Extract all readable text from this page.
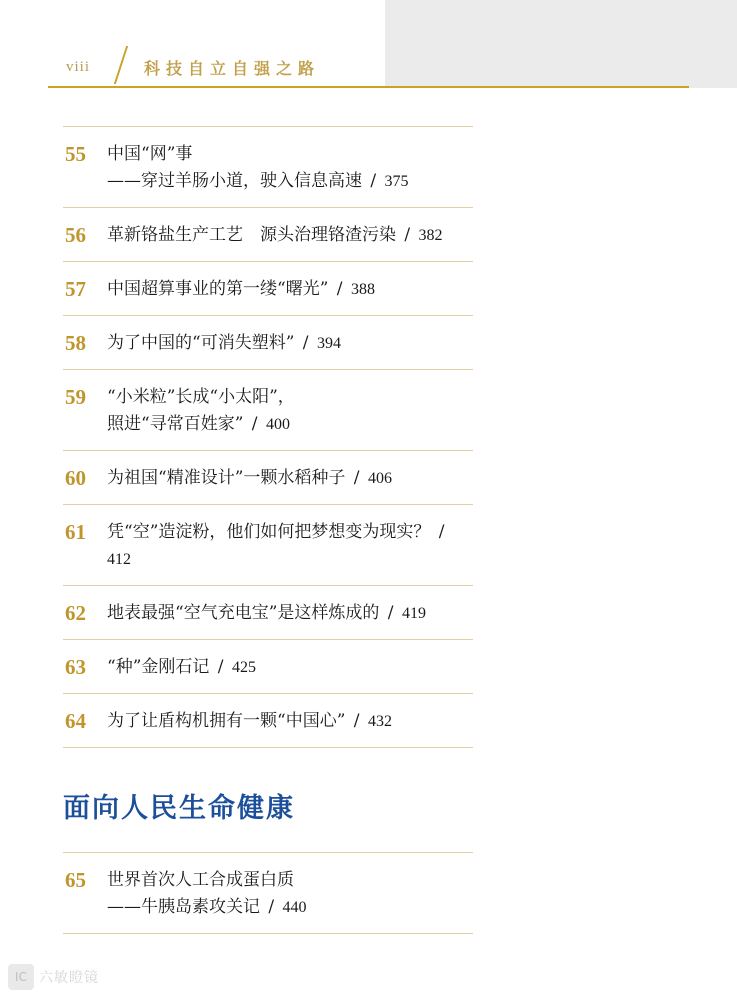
viii	科技自立自强之路
55	中国“网”事
——穿过羊肠小道，驶入信息高速 / 375
56	革新铬盐生产工艺　源头治理铬渣污染 / 382
57	中国超算事业的第一缕“曙光” / 388
58	为了中国的“可消失塑料” / 394
59	“小米粒”长成“小太阳”，
照进“寻常百姓家” / 400
60	为祖国“精准设计”一颗水稻种子 / 406
61	凭“空”造淀粉，他们如何把梦想变为现实？ / 412
62	地表最强“空气充电宝”是这样炼成的 / 419
63	“种”金刚石记 / 425
64	为了让盾构机拥有一颗“中国心” / 432
面向人民生命健康
65	世界首次人工合成蛋白质
——牛胰岛素攻关记 / 440
IC 六敏瞪镜
